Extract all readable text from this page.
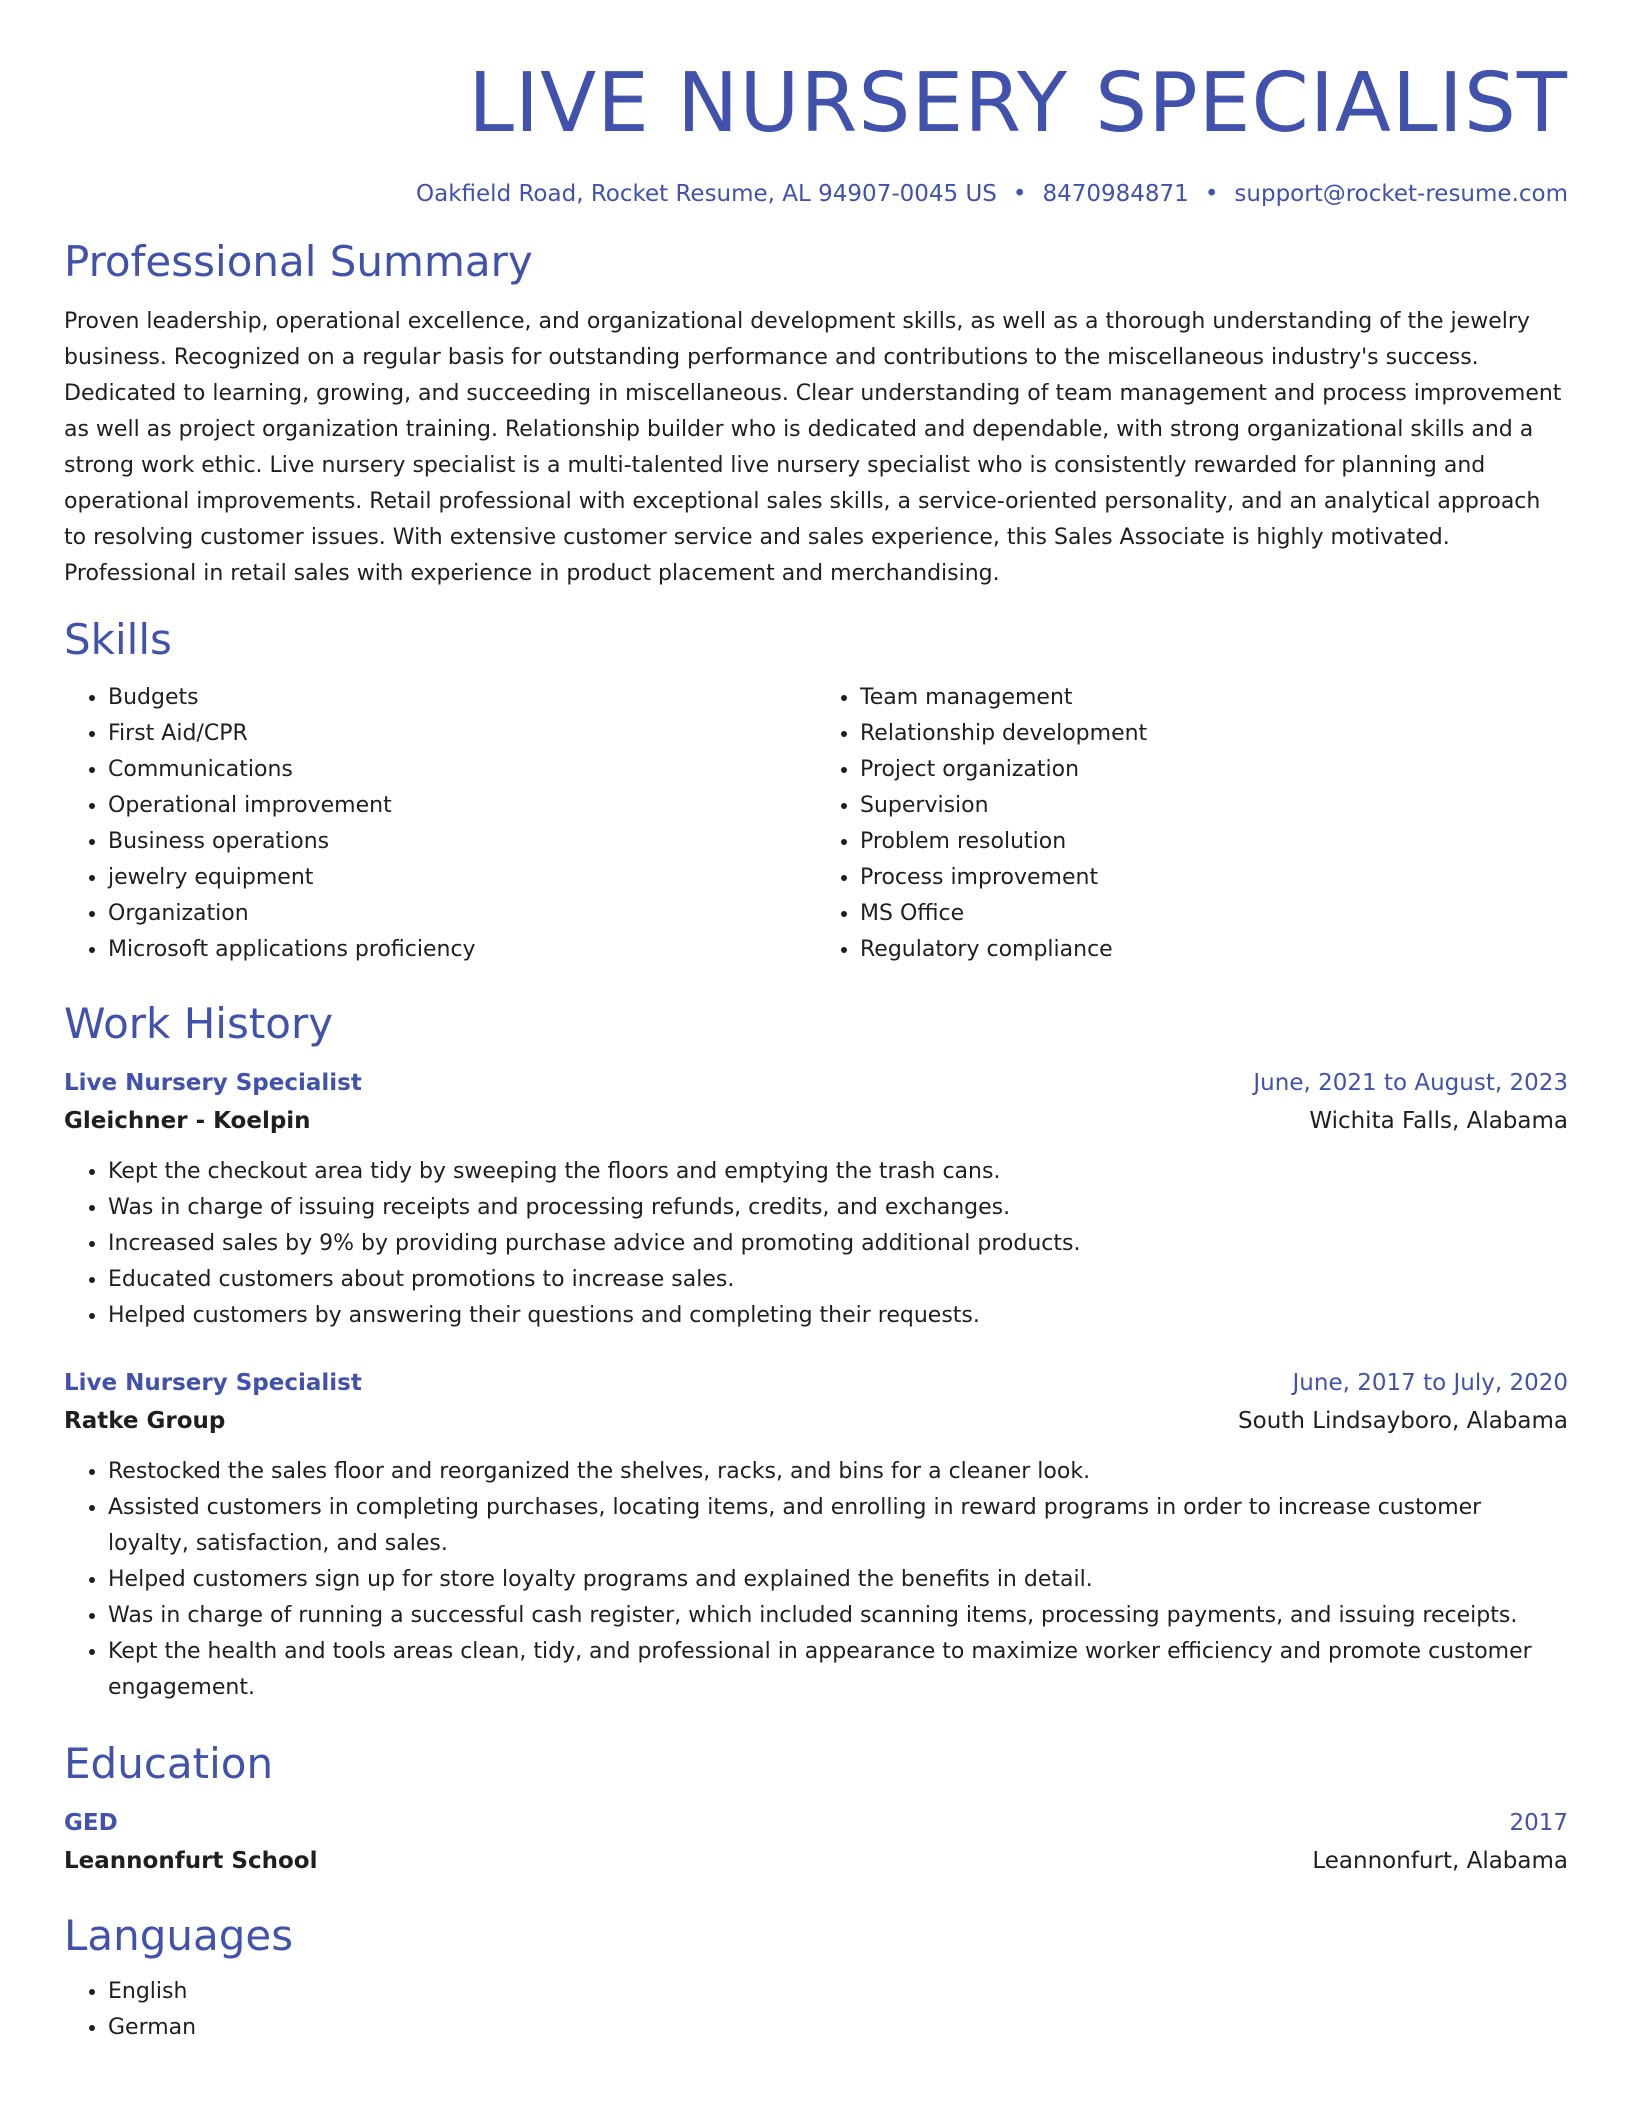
LIVE NURSERY SPECIALIST
Oakfield Road, Rocket Resume, AL 94907-0045 US • 8470984871 • support@rocket-resume.com
Professional Summary

Proven leadership, operational excellence, and organizational development skills, as well as a thorough understanding of the jewelry business. Recognized on a regular basis for outstanding performance and contributions to the miscellaneous industry's success. Dedicated to learning, growing, and succeeding in miscellaneous. Clear understanding of team management and process improvement as well as project organization training. Relationship builder who is dedicated and dependable, with strong organizational skills and a strong work ethic. Live nursery specialist is a multi-talented live nursery specialist who is consistently rewarded for planning and operational improvements. Retail professional with exceptional sales skills, a service-oriented personality, and an analytical approach to resolving customer issues. With extensive customer service and sales experience, this Sales Associate is highly motivated. Professional in retail sales with experience in product placement and merchandising.

Skills
• Budgets
• First Aid/CPR
• Communications
• Operational improvement
• Business operations
• jewelry equipment
• Organization
• Microsoft applications proficiency
• Team management
• Relationship development
• Project organization
• Supervision
• Problem resolution
• Process improvement
• MS Office
• Regulatory compliance
Work History
Live Nursery Specialist	June, 2021 to August, 2023
Gleichner - Koelpin	Wichita Falls, Alabama
• Kept the checkout area tidy by sweeping the floors and emptying the trash cans.
• Was in charge of issuing receipts and processing refunds, credits, and exchanges.
• Increased sales by 9% by providing purchase advice and promoting additional products.
• Educated customers about promotions to increase sales.
• Helped customers by answering their questions and completing their requests.
Live Nursery Specialist	June, 2017 to July, 2020
Ratke Group	South Lindsayboro, Alabama
• Restocked the sales floor and reorganized the shelves, racks, and bins for a cleaner look.
• Assisted customers in completing purchases, locating items, and enrolling in reward programs in order to increase customer loyalty, satisfaction, and sales.
• Helped customers sign up for store loyalty programs and explained the benefits in detail.
• Was in charge of running a successful cash register, which included scanning items, processing payments, and issuing receipts.
• Kept the health and tools areas clean, tidy, and professional in appearance to maximize worker efficiency and promote customer engagement.
Education
GED	2017
Leannonfurt School	Leannonfurt, Alabama
Languages
• English
• German
